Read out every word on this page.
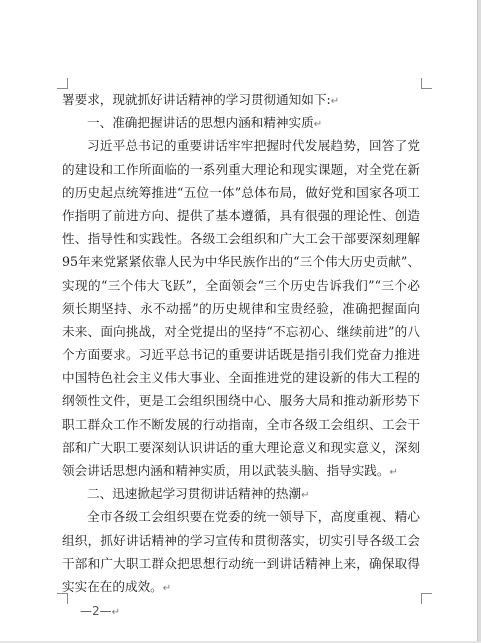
署要求，现就抓好讲话精神的学习贯彻通知如下:↵
一、准确把握讲话的思想内涵和精神实质↵
习近平总书记的重要讲话牢牢把握时代发展趋势，回答了党
的建设和工作所面临的一系列重大理论和现实课题，对全党在新
的历史起点统筹推进“五位一体”总体布局，做好党和国家各项工
作指明了前进方向、提供了基本遵循，具有很强的理论性、创造
性、指导性和实践性。各级工会组织和广大工会干部要深刻理解
95年来党紧紧依靠人民为中华民族作出的“三个伟大历史贡献”、
实现的“三个伟大飞跃”，全面领会“三个历史告诉我们”“三个必
须长期坚持、永不动摇”的历史规律和宝贵经验，准确把握面向
未来、面向挑战，对全党提出的坚持“不忘初心、继续前进”的八
个方面要求。习近平总书记的重要讲话既是指引我们党奋力推进
中国特色社会主义伟大事业、全面推进党的建设新的伟大工程的
纲领性文件，更是工会组织围绕中心、服务大局和推动新形势下
职工群众工作不断发展的行动指南，全市各级工会组织、工会干
部和广大职工要深刻认识讲话的重大理论意义和现实意义，深刻
领会讲话思想内涵和精神实质，用以武装头脑、指导实践。↵
二、迅速掀起学习贯彻讲话精神的热潮↵
全市各级工会组织要在党委的统一领导下，高度重视、精心
组织，抓好讲话精神的学习宣传和贯彻落实，切实引导各级工会
干部和广大职工群众把思想行动统一到讲话精神上来，确保取得
实实在在的成效。↵
—2—↵
